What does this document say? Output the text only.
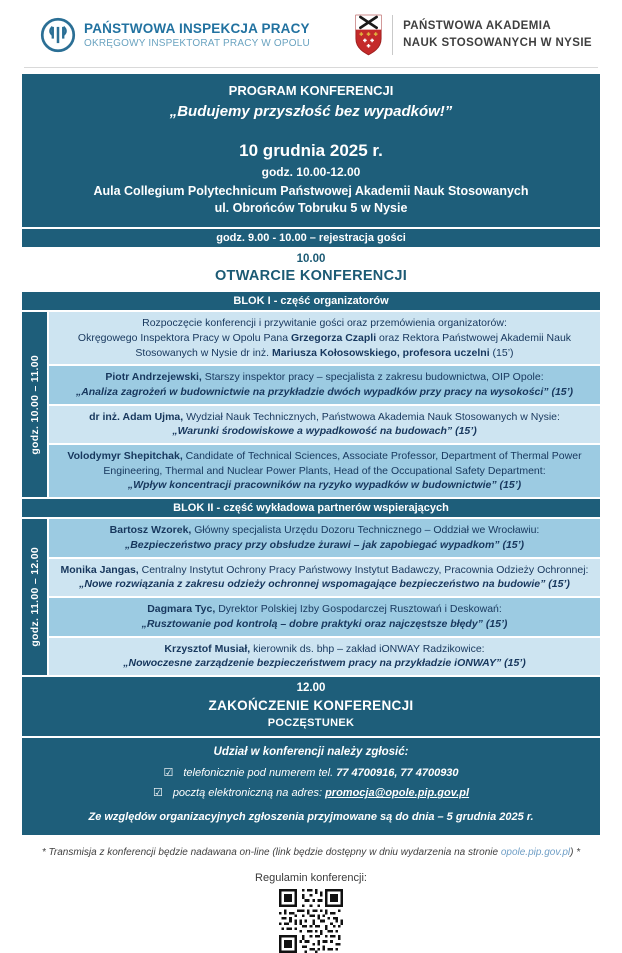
PAŃSTWOWA INSPEKCJA PRACY
OKRĘGOWY INSPEKTORAT PRACY W OPOLU
PAŃSTWOWA AKADEMIA
NAUK STOSOWANYCH W NYSIE
PROGRAM KONFERENCJI
„Budujemy przyszłość bez wypadków!”
10 grudnia 2025 r.
godz. 10.00-12.00
Aula Collegium Polytechnicum Państwowej Akademii Nauk Stosowanych
ul. Obrońców Tobruku 5 w Nysie
godz. 9.00 - 10.00 – rejestracja gości
10.00
OTWARCIE KONFERENCJI
BLOK I - część organizatorów
godz. 10.00 – 11.00
Rozpoczęcie konferencji i przywitanie gości oraz przemówienia organizatorów:
Okręgowego Inspektora Pracy w Opolu Pana Grzegorza Czapli oraz Rektora Państwowej Akademii Nauk Stosowanych w Nysie dr inż. Mariusza Kołosowskiego, profesora uczelni (15’)
Piotr Andrzejewski, Starszy inspektor pracy – specjalista z zakresu budownictwa, OIP Opole:
„Analiza zagrożeń w budownictwie na przykładzie dwóch wypadków przy pracy na wysokości” (15’)
dr inż. Adam Ujma, Wydział Nauk Technicznych, Państwowa Akademia Nauk Stosowanych w Nysie:
„Warunki środowiskowe a wypadkowość na budowach” (15’)
Volodymyr Shepitchak, Candidate of Technical Sciences, Associate Professor, Department of Thermal Power Engineering, Thermal and Nuclear Power Plants, Head of the Occupational Safety Department:
„Wpływ koncentracji pracowników na ryzyko wypadków w budownictwie” (15’)
BLOK II - część wykładowa partnerów wspierających
godz. 11.00 – 12.00
Bartosz Wzorek, Główny specjalista Urzędu Dozoru Technicznego – Oddział we Wrocławiu:
„Bezpieczeństwo pracy przy obsłudze żurawi – jak zapobiegać wypadkom” (15’)
Monika Jangas, Centralny Instytut Ochrony Pracy Państwowy Instytut Badawczy, Pracownia Odzieży Ochronnej:
„Nowe rozwiązania z zakresu odzieży ochronnej wspomagające bezpieczeństwo na budowie” (15’)
Dagmara Tyc, Dyrektor Polskiej Izby Gospodarczej Rusztowań i Deskowań:
„Rusztowanie pod kontrolą – dobre praktyki oraz najczęstsze błędy” (15’)
Krzysztof Musiał, kierownik ds. bhp – zakład iONWAY Radzikowice:
„Nowoczesne zarządzenie bezpieczeństwem pracy na przykładzie iONWAY” (15’)
12.00
ZAKOŃCZENIE KONFERENCJI
POCZĘSTUNEK
Udział w konferencji należy zgłosić:
☑ telefonicznie pod numerem tel. 77 4700916, 77 4700930
☑ pocztą elektroniczną na adres: promocja@opole.pip.gov.pl
Ze względów organizacyjnych zgłoszenia przyjmowane są do dnia – 5 grudnia 2025 r.
* Transmisja z konferencji będzie nadawana on-line (link będzie dostępny w dniu wydarzenia na stronie opole.pip.gov.pl) *
Regulamin konferencji:
